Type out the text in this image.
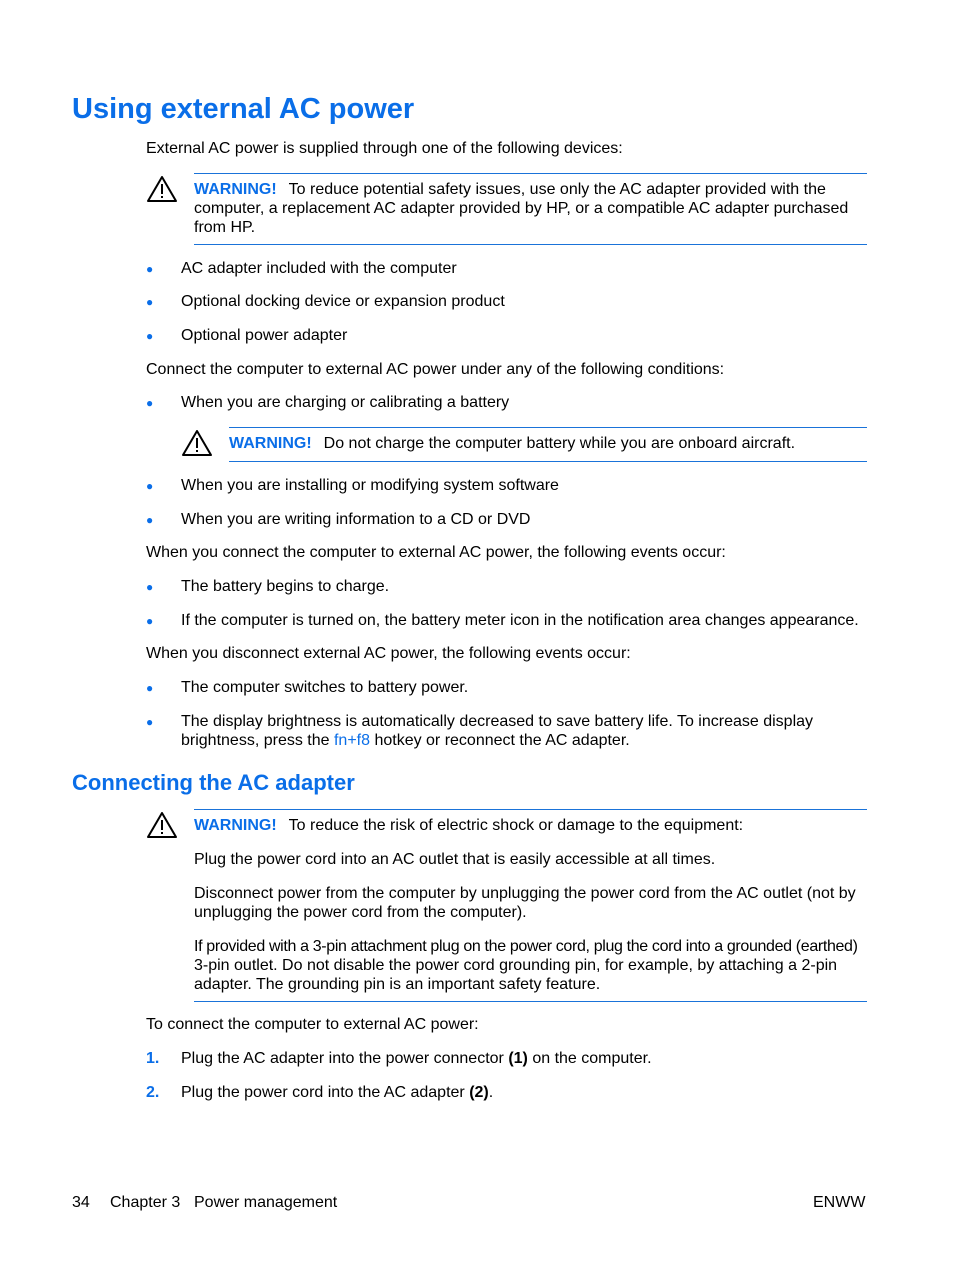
Using external AC power
External AC power is supplied through one of the following devices:
WARNING! To reduce potential safety issues, use only the AC adapter provided with the
computer, a replacement AC adapter provided by HP, or a compatible AC adapter purchased
from HP.
● AC adapter included with the computer
● Optional docking device or expansion product
● Optional power adapter
Connect the computer to external AC power under any of the following conditions:
● When you are charging or calibrating a battery
WARNING! Do not charge the computer battery while you are onboard aircraft.
● When you are installing or modifying system software
● When you are writing information to a CD or DVD
When you connect the computer to external AC power, the following events occur:
● The battery begins to charge.
● If the computer is turned on, the battery meter icon in the notification area changes appearance.
When you disconnect external AC power, the following events occur:
● The computer switches to battery power.
● The display brightness is automatically decreased to save battery life. To increase display
brightness, press the fn+f8 hotkey or reconnect the AC adapter.
Connecting the AC adapter
WARNING! To reduce the risk of electric shock or damage to the equipment:
Plug the power cord into an AC outlet that is easily accessible at all times.
Disconnect power from the computer by unplugging the power cord from the AC outlet (not by
unplugging the power cord from the computer).
If provided with a 3-pin attachment plug on the power cord, plug the cord into a grounded (earthed)
3-pin outlet. Do not disable the power cord grounding pin, for example, by attaching a 2-pin
adapter. The grounding pin is an important safety feature.
To connect the computer to external AC power:
1. Plug the AC adapter into the power connector (1) on the computer.
2. Plug the power cord into the AC adapter (2).
34 Chapter 3 Power management	ENWW
